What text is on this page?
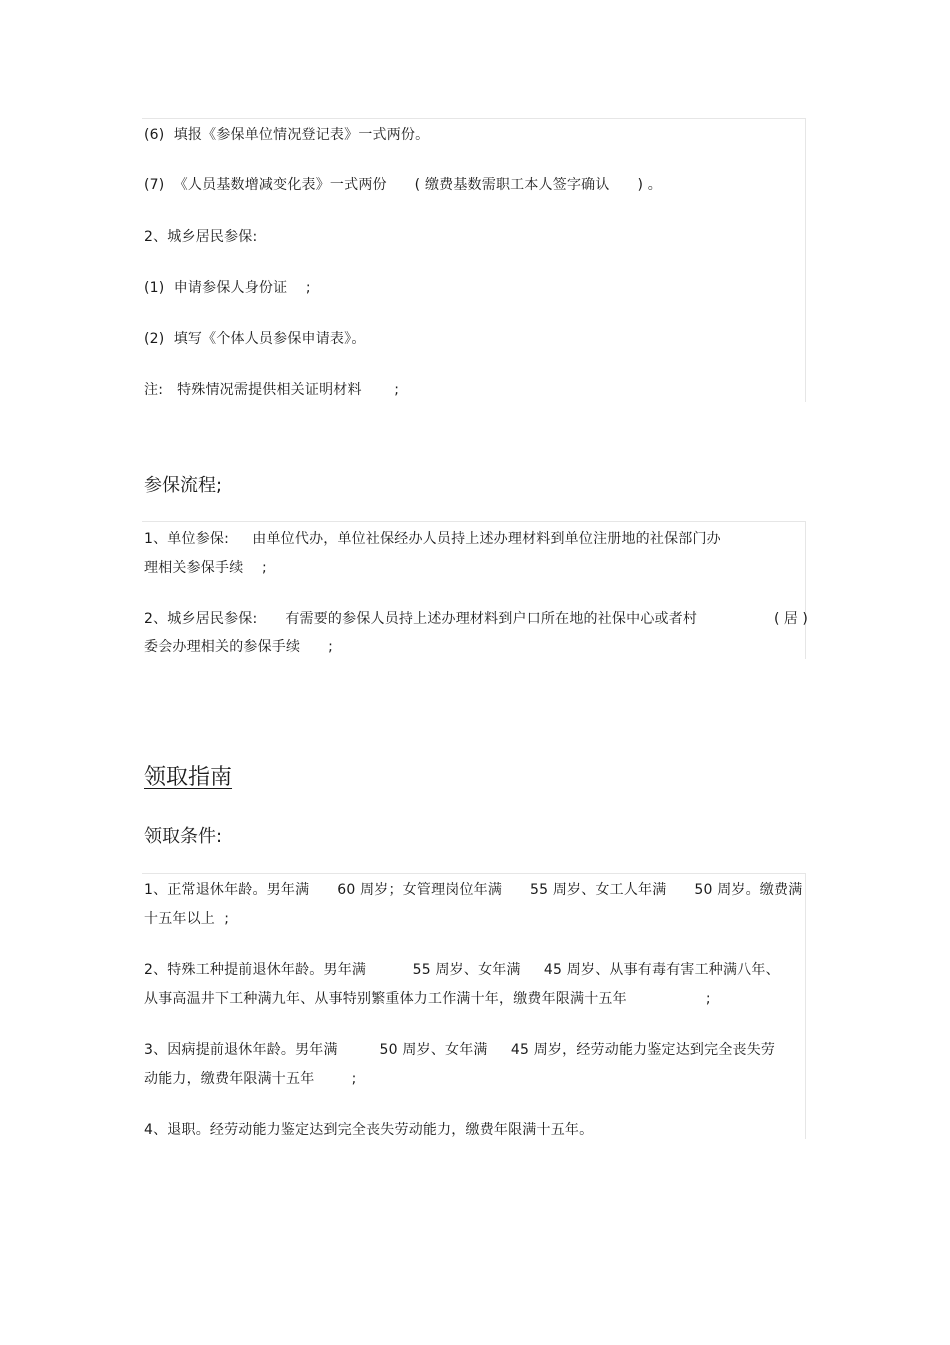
(6)  填报《参保单位情况登记表》一式两份。
(7)  《人员基数增减变化表》一式两份      ( 缴费基数需职工本人签字确认      ) 。
2、城乡居民参保:
(1)  申请参保人身份证    ;
(2)  填写《个体人员参保申请表》。
注:   特殊情况需提供相关证明材料       ;
参保流程;
1、单位参保:     由单位代办，单位社保经办人员持上述办理材料到单位注册地的社保部门办
理相关参保手续    ;
2、城乡居民参保:      有需要的参保人员持上述办理材料到户口所在地的社保中心或者村	( 居 )
委会办理相关的参保手续      ;
领取指南
领取条件:
1、正常退休年龄。男年满      60 周岁；女管理岗位年满      55 周岁、女工人年满      50 周岁。缴费满
十五年以上  ;
2、特殊工种提前退休年龄。男年满          55 周岁、女年满     45 周岁、从事有毒有害工种满八年、
从事高温井下工种满九年、从事特别繁重体力工作满十年，缴费年限满十五年                 ;
3、因病提前退休年龄。男年满         50 周岁、女年满     45 周岁，经劳动能力鉴定达到完全丧失劳
动能力，缴费年限满十五年        ;
4、退职。经劳动能力鉴定达到完全丧失劳动能力，缴费年限满十五年。
